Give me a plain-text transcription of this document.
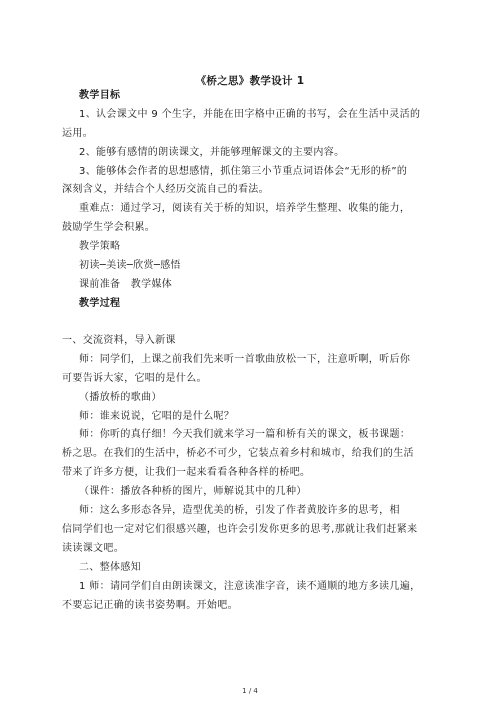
《桥之思》教学设计 1
教学目标
1、认会课文中 9 个生字，并能在田字格中正确的书写，会在生活中灵活的
运用。
2、能够有感情的朗读课文，并能够理解课文的主要内容。
3、能够体会作者的思想感情，抓住第三小节重点词语体会“无形的桥”的
深刻含义，并结合个人经历交流自己的看法。
重难点：通过学习，阅读有关于桥的知识，培养学生整理、收集的能力，
鼓励学生学会积累。
教学策略
初读─美读─欣赏─感悟
课前准备　教学媒体
教学过程
一、交流资料，导入新课
师：同学们，上课之前我们先来听一首歌曲放松一下，注意听啊，听后你
可要告诉大家，它唱的是什么。
（播放桥的歌曲）
师：谁来说说，它唱的是什么呢？
师：你听的真仔细！今天我们就来学习一篇和桥有关的课文，板书课题：
桥之思。在我们的生活中，桥必不可少，它装点着乡村和城市，给我们的生活
带来了许多方便，让我们一起来看看各种各样的桥吧。
（课件：播放各种桥的图片，师解说其中的几种）
师：这么多形态各异，造型优美的桥，引发了作者黄胶许多的思考，相
信同学们也一定对它们很感兴趣，也许会引发你更多的思考,那就让我们赶紧来
读读课文吧。
二、整体感知
1 师：请同学们自由朗读课文，注意读准字音，读不通顺的地方多读几遍，
不要忘记正确的读书姿势啊。开始吧。
1 / 4
